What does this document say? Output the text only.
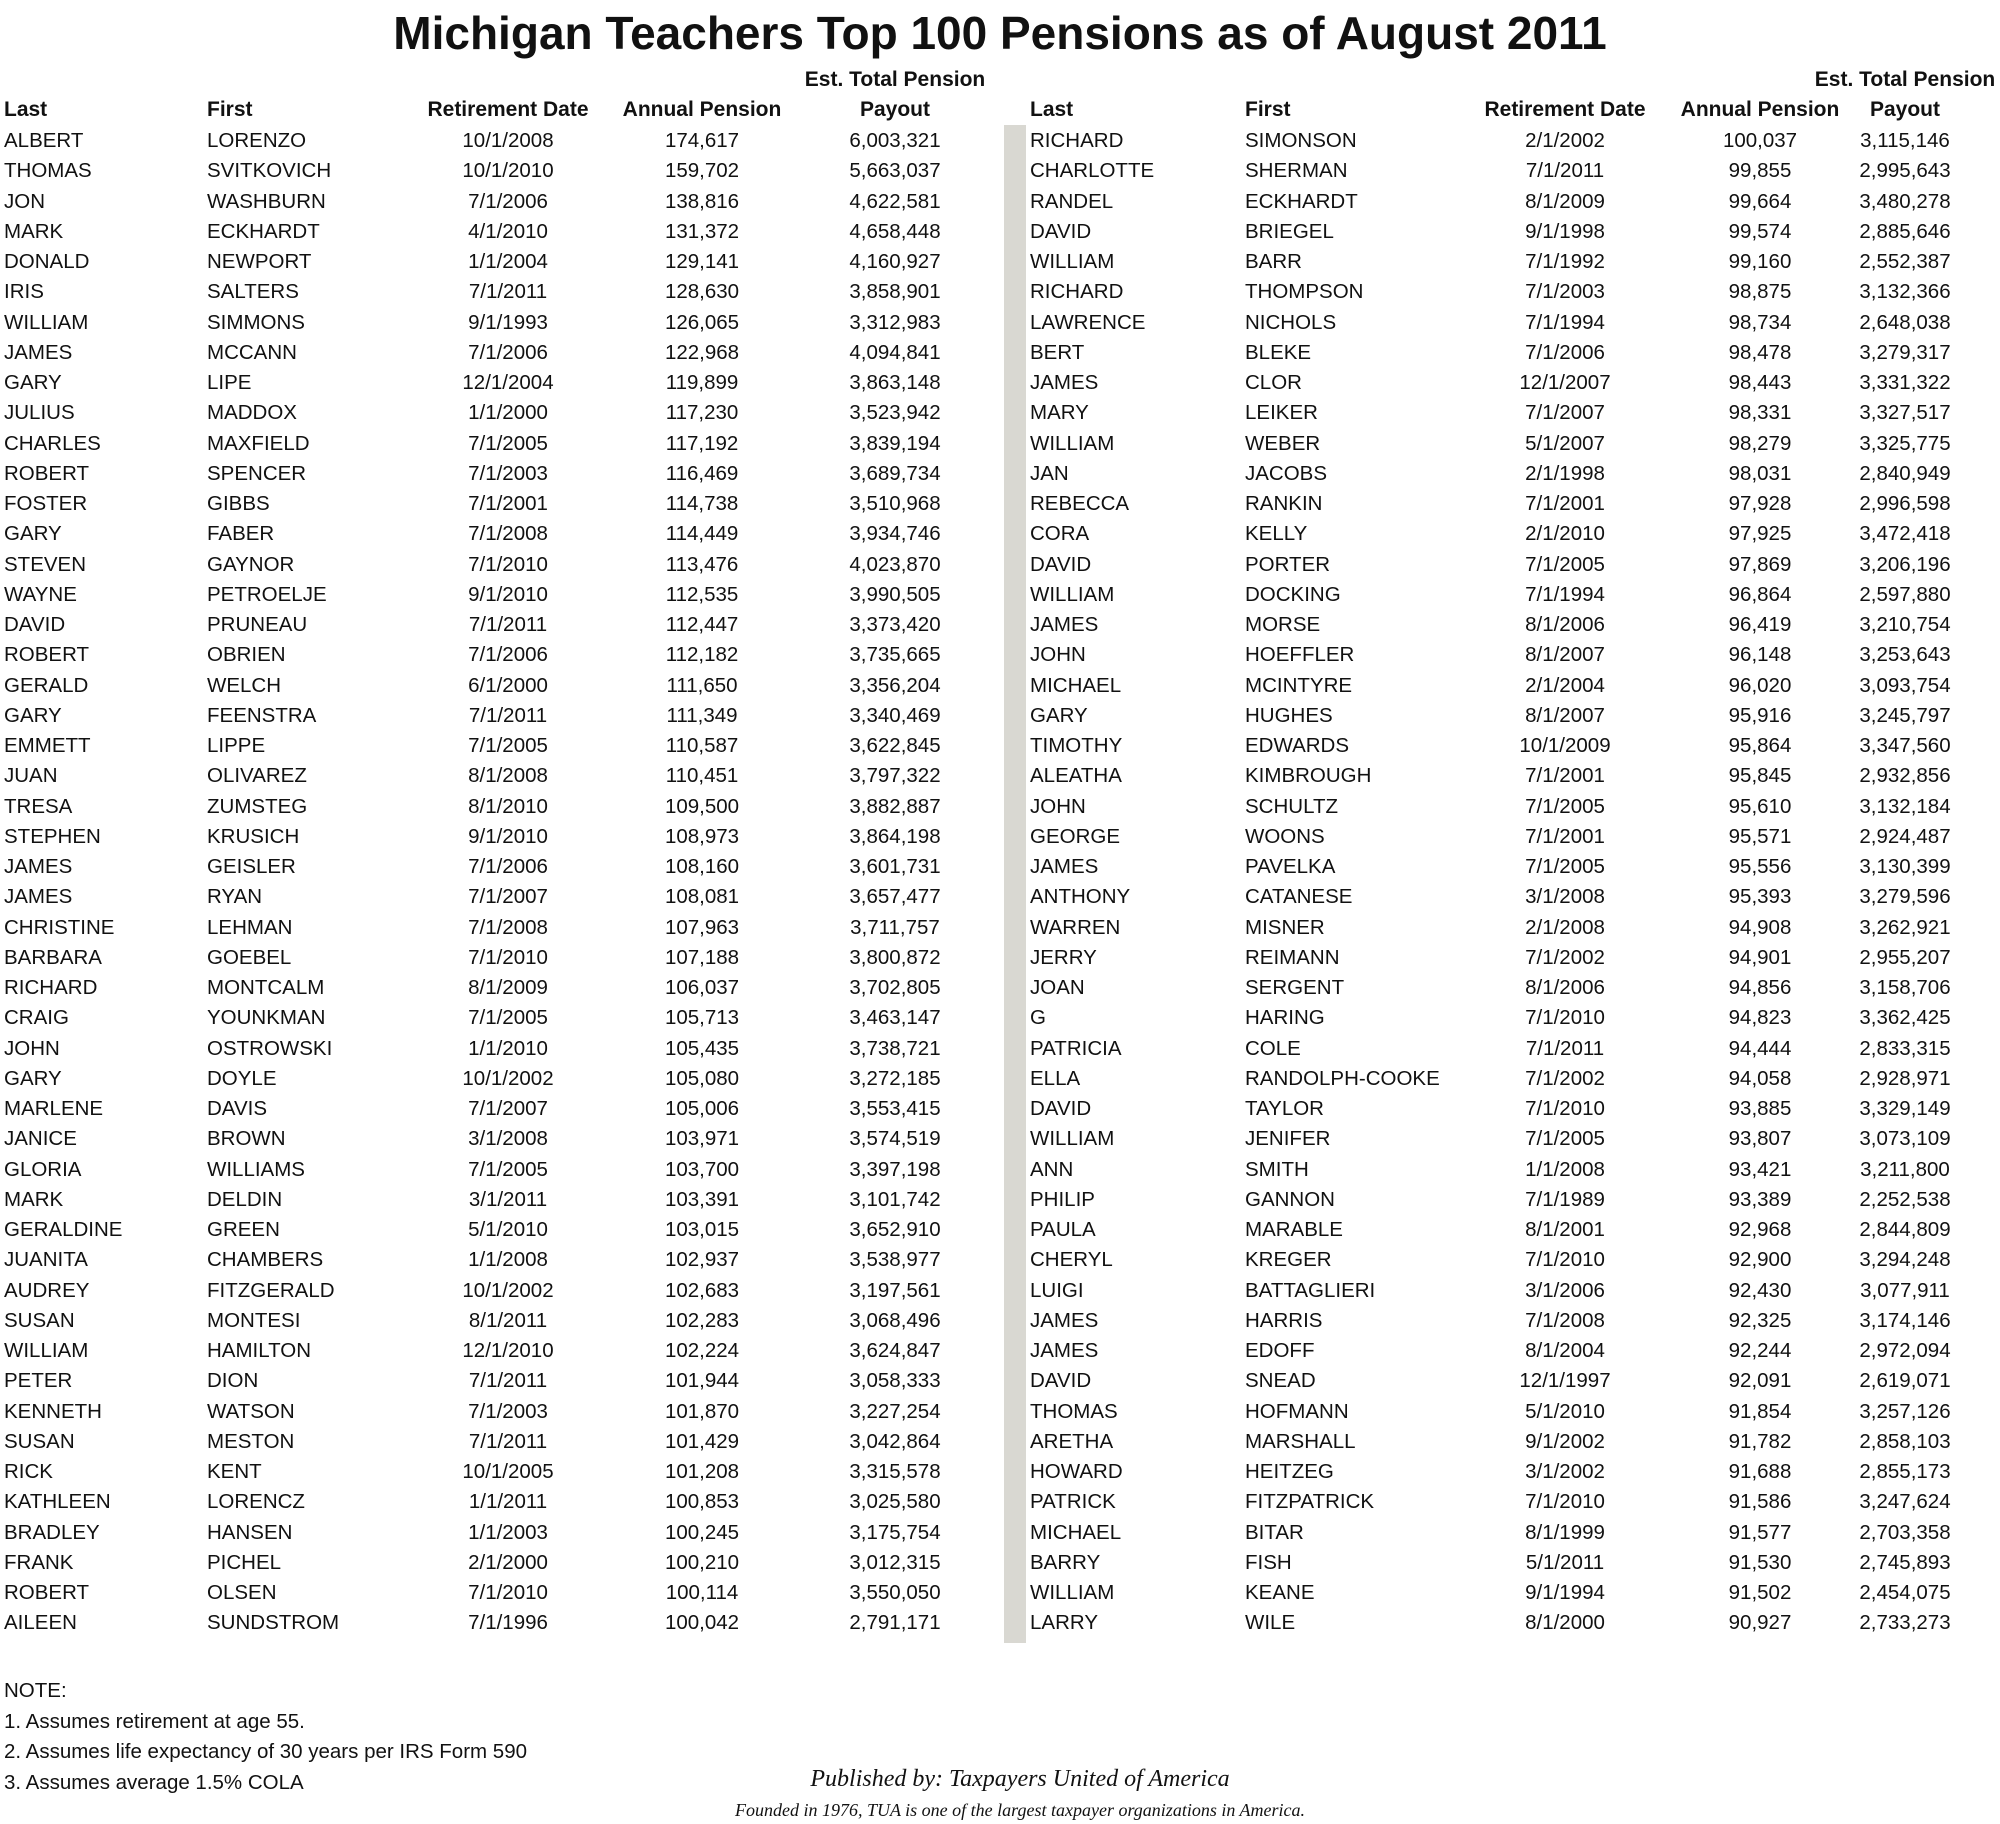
Michigan Teachers Top 100 Pensions as of August 2011
Last	First	Retirement Date	Annual Pension
Est. Total Pension
Payout
ALBERT	LORENZO	10/1/2008	174,617	6,003,321
THOMAS	SVITKOVICH	10/1/2010	159,702	5,663,037
JON	WASHBURN	7/1/2006	138,816	4,622,581
MARK	ECKHARDT	4/1/2010	131,372	4,658,448
DONALD	NEWPORT	1/1/2004	129,141	4,160,927
IRIS	SALTERS	7/1/2011	128,630	3,858,901
WILLIAM	SIMMONS	9/1/1993	126,065	3,312,983
JAMES	MCCANN	7/1/2006	122,968	4,094,841
GARY	LIPE	12/1/2004	119,899	3,863,148
JULIUS	MADDOX	1/1/2000	117,230	3,523,942
CHARLES	MAXFIELD	7/1/2005	117,192	3,839,194
ROBERT	SPENCER	7/1/2003	116,469	3,689,734
FOSTER	GIBBS	7/1/2001	114,738	3,510,968
GARY	FABER	7/1/2008	114,449	3,934,746
STEVEN	GAYNOR	7/1/2010	113,476	4,023,870
WAYNE	PETROELJE	9/1/2010	112,535	3,990,505
DAVID	PRUNEAU	7/1/2011	112,447	3,373,420
ROBERT	OBRIEN	7/1/2006	112,182	3,735,665
GERALD	WELCH	6/1/2000	111,650	3,356,204
GARY	FEENSTRA	7/1/2011	111,349	3,340,469
EMMETT	LIPPE	7/1/2005	110,587	3,622,845
JUAN	OLIVAREZ	8/1/2008	110,451	3,797,322
TRESA	ZUMSTEG	8/1/2010	109,500	3,882,887
STEPHEN	KRUSICH	9/1/2010	108,973	3,864,198
JAMES	GEISLER	7/1/2006	108,160	3,601,731
JAMES	RYAN	7/1/2007	108,081	3,657,477
CHRISTINE	LEHMAN	7/1/2008	107,963	3,711,757
BARBARA	GOEBEL	7/1/2010	107,188	3,800,872
RICHARD	MONTCALM	8/1/2009	106,037	3,702,805
CRAIG	YOUNKMAN	7/1/2005	105,713	3,463,147
JOHN	OSTROWSKI	1/1/2010	105,435	3,738,721
GARY	DOYLE	10/1/2002	105,080	3,272,185
MARLENE	DAVIS	7/1/2007	105,006	3,553,415
JANICE	BROWN	3/1/2008	103,971	3,574,519
GLORIA	WILLIAMS	7/1/2005	103,700	3,397,198
MARK	DELDIN	3/1/2011	103,391	3,101,742
GERALDINE	GREEN	5/1/2010	103,015	3,652,910
JUANITA	CHAMBERS	1/1/2008	102,937	3,538,977
AUDREY	FITZGERALD	10/1/2002	102,683	3,197,561
SUSAN	MONTESI	8/1/2011	102,283	3,068,496
WILLIAM	HAMILTON	12/1/2010	102,224	3,624,847
PETER	DION	7/1/2011	101,944	3,058,333
KENNETH	WATSON	7/1/2003	101,870	3,227,254
SUSAN	MESTON	7/1/2011	101,429	3,042,864
RICK	KENT	10/1/2005	101,208	3,315,578
KATHLEEN	LORENCZ	1/1/2011	100,853	3,025,580
BRADLEY	HANSEN	1/1/2003	100,245	3,175,754
FRANK	PICHEL	2/1/2000	100,210	3,012,315
ROBERT	OLSEN	7/1/2010	100,114	3,550,050
AILEEN	SUNDSTROM	7/1/1996	100,042	2,791,171
Last	First	Retirement Date	Annual Pension
Est. Total Pension
Payout
RICHARD	SIMONSON	2/1/2002	100,037	3,115,146
CHARLOTTE	SHERMAN	7/1/2011	99,855	2,995,643
RANDEL	ECKHARDT	8/1/2009	99,664	3,480,278
DAVID	BRIEGEL	9/1/1998	99,574	2,885,646
WILLIAM	BARR	7/1/1992	99,160	2,552,387
RICHARD	THOMPSON	7/1/2003	98,875	3,132,366
LAWRENCE	NICHOLS	7/1/1994	98,734	2,648,038
BERT	BLEKE	7/1/2006	98,478	3,279,317
JAMES	CLOR	12/1/2007	98,443	3,331,322
MARY	LEIKER	7/1/2007	98,331	3,327,517
WILLIAM	WEBER	5/1/2007	98,279	3,325,775
JAN	JACOBS	2/1/1998	98,031	2,840,949
REBECCA	RANKIN	7/1/2001	97,928	2,996,598
CORA	KELLY	2/1/2010	97,925	3,472,418
DAVID	PORTER	7/1/2005	97,869	3,206,196
WILLIAM	DOCKING	7/1/1994	96,864	2,597,880
JAMES	MORSE	8/1/2006	96,419	3,210,754
JOHN	HOEFFLER	8/1/2007	96,148	3,253,643
MICHAEL	MCINTYRE	2/1/2004	96,020	3,093,754
GARY	HUGHES	8/1/2007	95,916	3,245,797
TIMOTHY	EDWARDS	10/1/2009	95,864	3,347,560
ALEATHA	KIMBROUGH	7/1/2001	95,845	2,932,856
JOHN	SCHULTZ	7/1/2005	95,610	3,132,184
GEORGE	WOONS	7/1/2001	95,571	2,924,487
JAMES	PAVELKA	7/1/2005	95,556	3,130,399
ANTHONY	CATANESE	3/1/2008	95,393	3,279,596
WARREN	MISNER	2/1/2008	94,908	3,262,921
JERRY	REIMANN	7/1/2002	94,901	2,955,207
JOAN	SERGENT	8/1/2006	94,856	3,158,706
G	HARING	7/1/2010	94,823	3,362,425
PATRICIA	COLE	7/1/2011	94,444	2,833,315
ELLA	RANDOLPH-COOKE	7/1/2002	94,058	2,928,971
DAVID	TAYLOR	7/1/2010	93,885	3,329,149
WILLIAM	JENIFER	7/1/2005	93,807	3,073,109
ANN	SMITH	1/1/2008	93,421	3,211,800
PHILIP	GANNON	7/1/1989	93,389	2,252,538
PAULA	MARABLE	8/1/2001	92,968	2,844,809
CHERYL	KREGER	7/1/2010	92,900	3,294,248
LUIGI	BATTAGLIERI	3/1/2006	92,430	3,077,911
JAMES	HARRIS	7/1/2008	92,325	3,174,146
JAMES	EDOFF	8/1/2004	92,244	2,972,094
DAVID	SNEAD	12/1/1997	92,091	2,619,071
THOMAS	HOFMANN	5/1/2010	91,854	3,257,126
ARETHA	MARSHALL	9/1/2002	91,782	2,858,103
HOWARD	HEITZEG	3/1/2002	91,688	2,855,173
PATRICK	FITZPATRICK	7/1/2010	91,586	3,247,624
MICHAEL	BITAR	8/1/1999	91,577	2,703,358
BARRY	FISH	5/1/2011	91,530	2,745,893
WILLIAM	KEANE	9/1/1994	91,502	2,454,075
LARRY	WILE	8/1/2000	90,927	2,733,273
NOTE:
1. Assumes retirement at age 55.
2. Assumes life expectancy of 30 years per IRS Form 590
3. Assumes average 1.5% COLA	Published by: Taxpayers United of America
Founded in 1976, TUA is one of the largest taxpayer organizations in America.
